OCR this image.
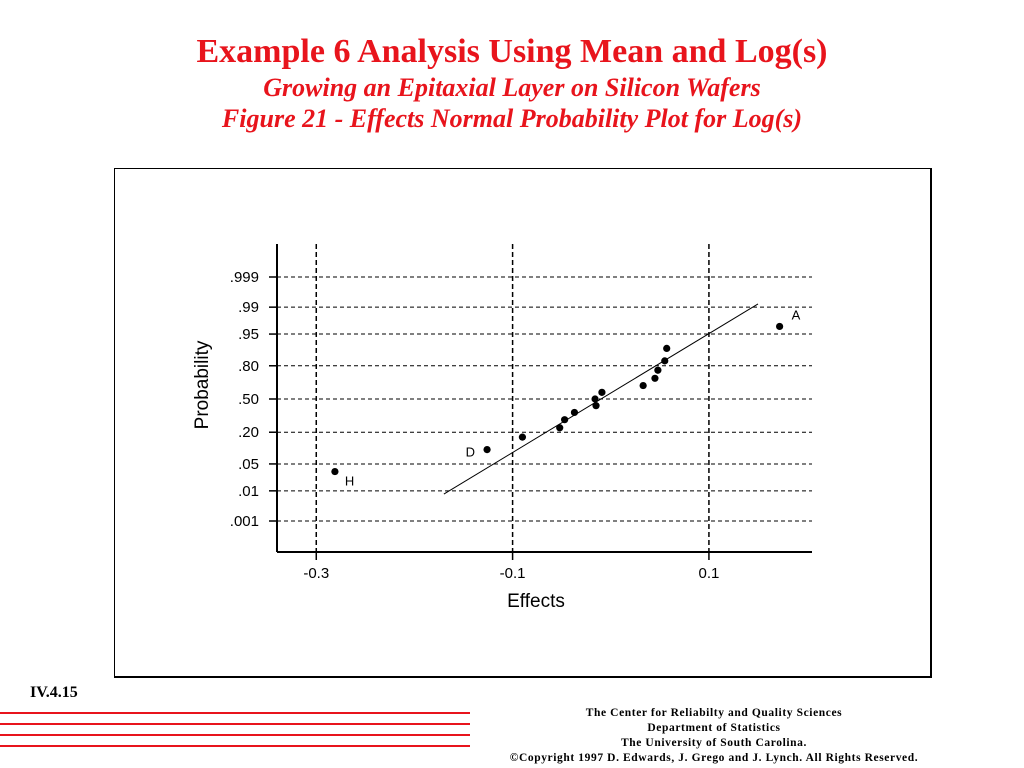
Example 6 Analysis Using Mean and Log(s)
Growing an Epitaxial Layer on Silicon Wafers
Figure 21 - Effects Normal Probability Plot for Log(s)
.999
.99
.95
.80
.50
.20
.05
.01
.001
-0.3	-0.1	0.1
Effects
Probability
H
D
A
IV.4.15
The Center for Reliabilty and Quality Sciences
Department of Statistics
The University of South Carolina.
©Copyright 1997 D. Edwards, J. Grego and J. Lynch. All Rights Reserved.
